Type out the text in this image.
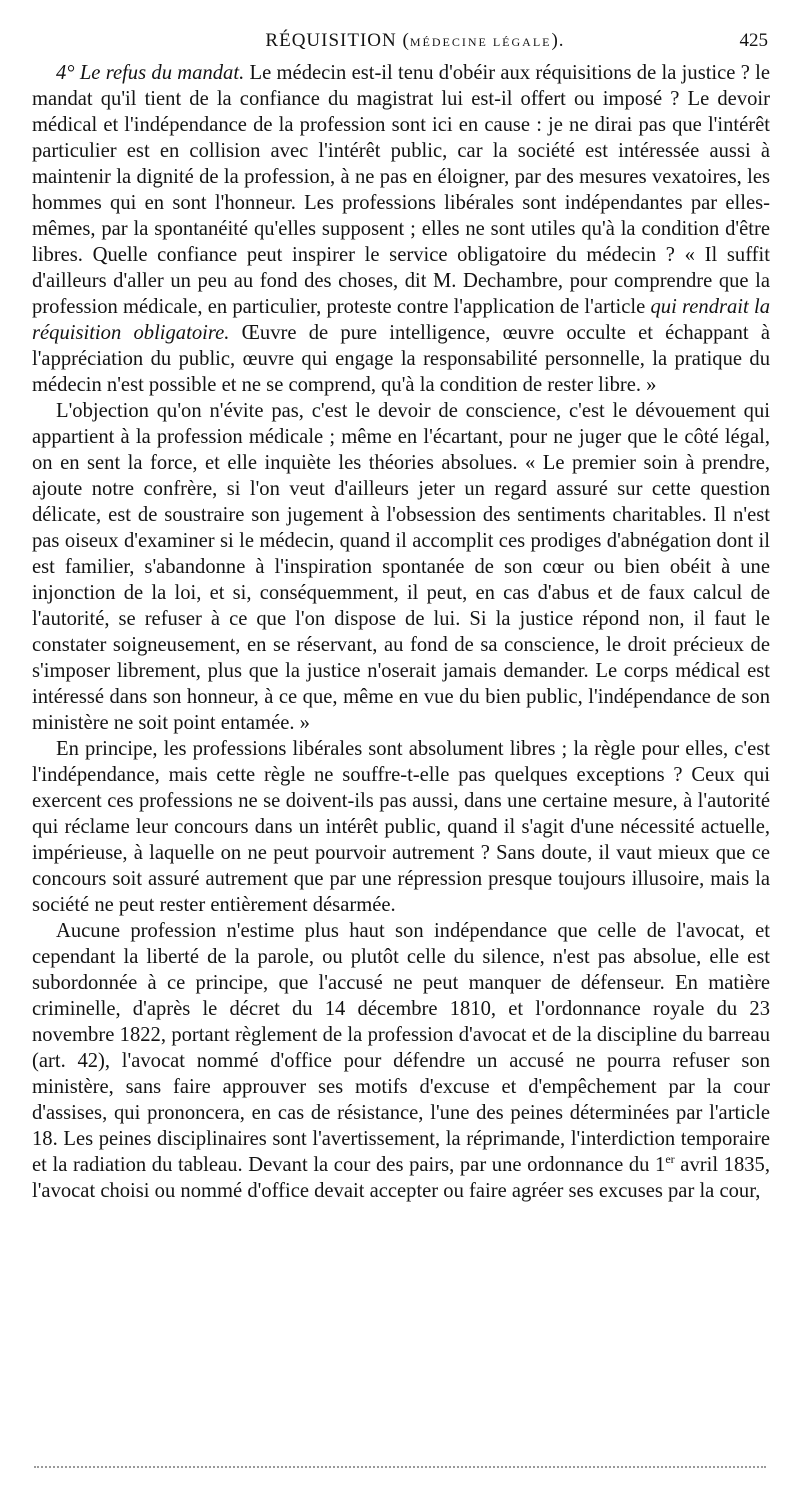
RÉQUISITION (MÉDECINE LÉGALE).	425

4° Le refus du mandat. Le médecin est-il tenu d'obéir aux réquisitions de la justice ? le mandat qu'il tient de la confiance du magistrat lui est-il offert ou imposé ? Le devoir médical et l'indépendance de la profession sont ici en cause : je ne dirai pas que l'intérêt particulier est en collision avec l'intérêt public, car la société est intéressée aussi à maintenir la dignité de la profession, à ne pas en éloigner, par des mesures vexatoires, les hommes qui en sont l'honneur. Les professions libérales sont indépendantes par elles-mêmes, par la spontanéité qu'elles supposent ; elles ne sont utiles qu'à la condition d'être libres. Quelle confiance peut inspirer le service obligatoire du médecin ? « Il suffit d'ailleurs d'aller un peu au fond des choses, dit M. Dechambre, pour comprendre que la profession médicale, en particulier, proteste contre l'application de l'article qui rendrait la réquisition obligatoire. Œuvre de pure intelligence, œuvre occulte et échappant à l'appréciation du public, œuvre qui engage la responsabilité personnelle, la pratique du médecin n'est possible et ne se comprend, qu'à la condition de rester libre. »

L'objection qu'on n'évite pas, c'est le devoir de conscience, c'est le dévouement qui appartient à la profession médicale ; même en l'écartant, pour ne juger que le côté légal, on en sent la force, et elle inquiète les théories absolues. « Le premier soin à prendre, ajoute notre confrère, si l'on veut d'ailleurs jeter un regard assuré sur cette question délicate, est de soustraire son jugement à l'obsession des sentiments charitables. Il n'est pas oiseux d'examiner si le médecin, quand il accomplit ces prodiges d'abnégation dont il est familier, s'abandonne à l'inspiration spontanée de son cœur ou bien obéit à une injonction de la loi, et si, conséquemment, il peut, en cas d'abus et de faux calcul de l'autorité, se refuser à ce que l'on dispose de lui. Si la justice répond non, il faut le constater soigneusement, en se réservant, au fond de sa conscience, le droit précieux de s'imposer librement, plus que la justice n'oserait jamais demander. Le corps médical est intéressé dans son honneur, à ce que, même en vue du bien public, l'indépendance de son ministère ne soit point entamée. »

En principe, les professions libérales sont absolument libres ; la règle pour elles, c'est l'indépendance, mais cette règle ne souffre-t-elle pas quelques exceptions ? Ceux qui exercent ces professions ne se doivent-ils pas aussi, dans une certaine mesure, à l'autorité qui réclame leur concours dans un intérêt public, quand il s'agit d'une nécessité actuelle, impérieuse, à laquelle on ne peut pourvoir autrement ? Sans doute, il vaut mieux que ce concours soit assuré autrement que par une répression presque toujours illusoire, mais la société ne peut rester entièrement désarmée.

Aucune profession n'estime plus haut son indépendance que celle de l'avocat, et cependant la liberté de la parole, ou plutôt celle du silence, n'est pas absolue, elle est subordonnée à ce principe, que l'accusé ne peut manquer de défenseur. En matière criminelle, d'après le décret du 14 décembre 1810, et l'ordonnance royale du 23 novembre 1822, portant règlement de la profession d'avocat et de la discipline du barreau (art. 42), l'avocat nommé d'office pour défendre un accusé ne pourra refuser son ministère, sans faire approuver ses motifs d'excuse et d'empêchement par la cour d'assises, qui prononcera, en cas de résistance, l'une des peines déterminées par l'article 18. Les peines disciplinaires sont l'avertissement, la réprimande, l'interdiction temporaire et la radiation du tableau. Devant la cour des pairs, par une ordonnance du 1er avril 1835, l'avocat choisi ou nommé d'office devait accepter ou faire agréer ses excuses par la cour,
